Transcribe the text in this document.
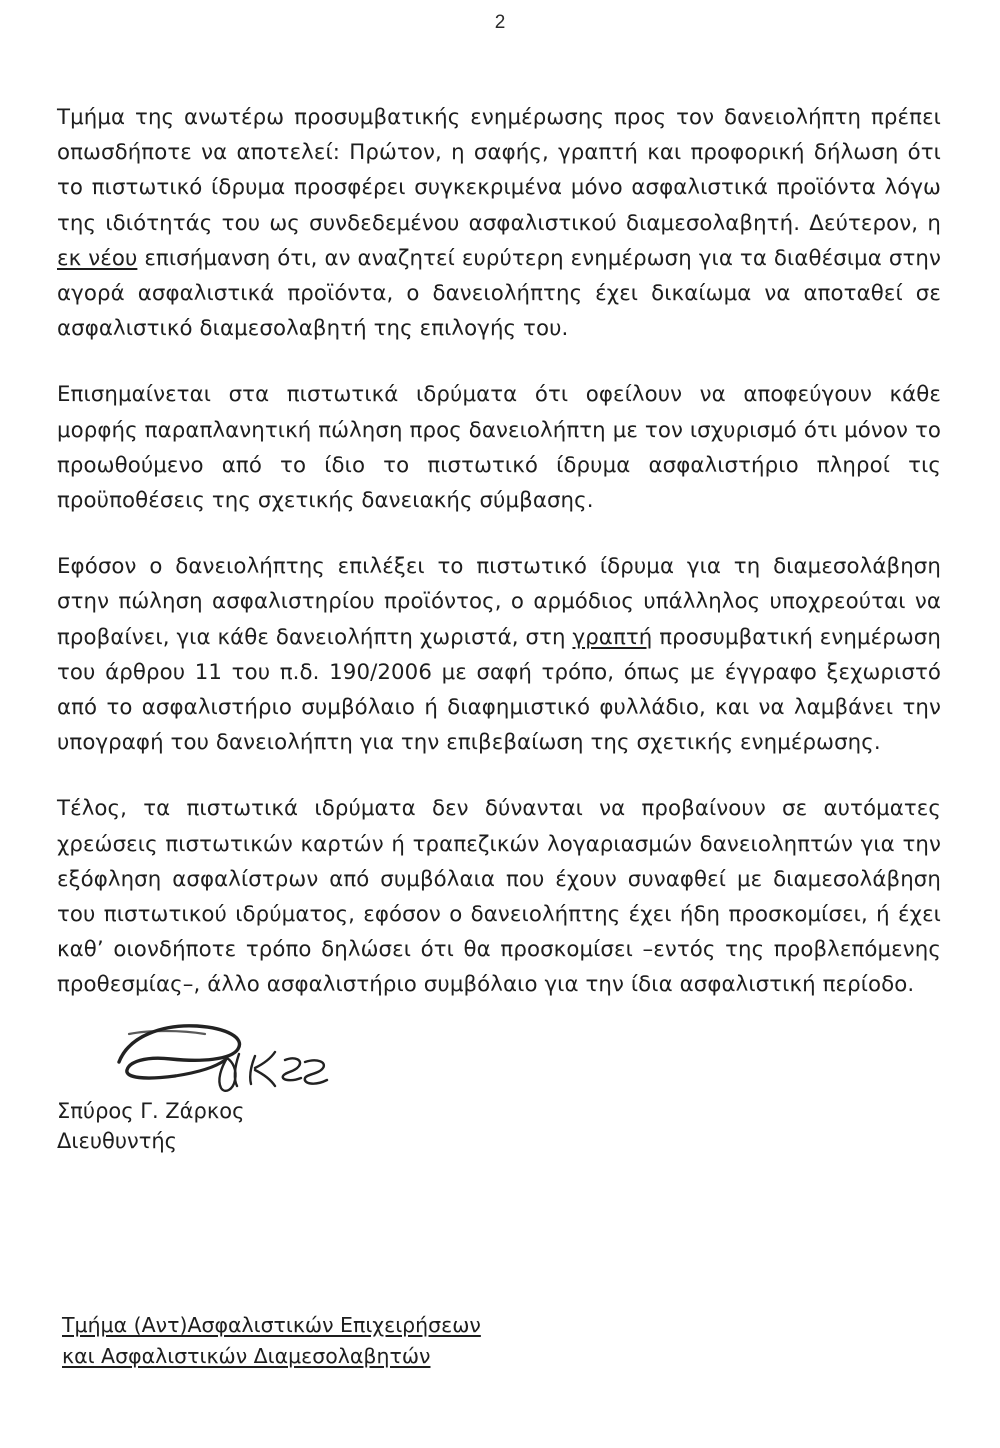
2

Τμήμα της ανωτέρω προσυμβατικής ενημέρωσης προς τον δανειολήπτη πρέπει οπωσδήποτε να αποτελεί: Πρώτον, η σαφής, γραπτή και προφορική δήλωση ότι το πιστωτικό ίδρυμα προσφέρει συγκεκριμένα μόνο ασφαλιστικά προϊόντα λόγω της ιδιότητάς του ως συνδεδεμένου ασφαλιστικού διαμεσολαβητή. Δεύτερον, η εκ νέου επισήμανση ότι, αν αναζητεί ευρύτερη ενημέρωση για τα διαθέσιμα στην αγορά ασφαλιστικά προϊόντα, ο δανειολήπτης έχει δικαίωμα να αποταθεί σε ασφαλιστικό διαμεσολαβητή της επιλογής του.

Επισημαίνεται στα πιστωτικά ιδρύματα ότι οφείλουν να αποφεύγουν κάθε μορφής παραπλανητική πώληση προς δανειολήπτη με τον ισχυρισμό ότι μόνον το προωθούμενο από το ίδιο το πιστωτικό ίδρυμα ασφαλιστήριο πληροί τις προϋποθέσεις της σχετικής δανειακής σύμβασης.

Εφόσον ο δανειολήπτης επιλέξει το πιστωτικό ίδρυμα για τη διαμεσολάβηση στην πώληση ασφαλιστηρίου προϊόντος, ο αρμόδιος υπάλληλος υποχρεούται να προβαίνει, για κάθε δανειολήπτη χωριστά, στη γραπτή προσυμβατική ενημέρωση του άρθρου 11 του π.δ. 190/2006 με σαφή τρόπο, όπως με έγγραφο ξεχωριστό από το ασφαλιστήριο συμβόλαιο ή διαφημιστικό φυλλάδιο, και να λαμβάνει την υπογραφή του δανειολήπτη για την επιβεβαίωση της σχετικής ενημέρωσης.

Τέλος, τα πιστωτικά ιδρύματα δεν δύνανται να προβαίνουν σε αυτόματες χρεώσεις πιστωτικών καρτών ή τραπεζικών λογαριασμών δανειοληπτών για την εξόφληση ασφαλίστρων από συμβόλαια που έχουν συναφθεί με διαμεσολάβηση του πιστωτικού ιδρύματος, εφόσον ο δανειολήπτης έχει ήδη προσκομίσει, ή έχει καθ’ οιονδήποτε τρόπο δηλώσει ότι θα προσκομίσει –εντός της προβλεπόμενης προθεσμίας–, άλλο ασφαλιστήριο συμβόλαιο για την ίδια ασφαλιστική περίοδο.

Σπύρος Γ. Ζάρκος
Διευθυντής
Τμήμα (Αντ)Ασφαλιστικών Επιχειρήσεων
και Ασφαλιστικών Διαμεσολαβητών
